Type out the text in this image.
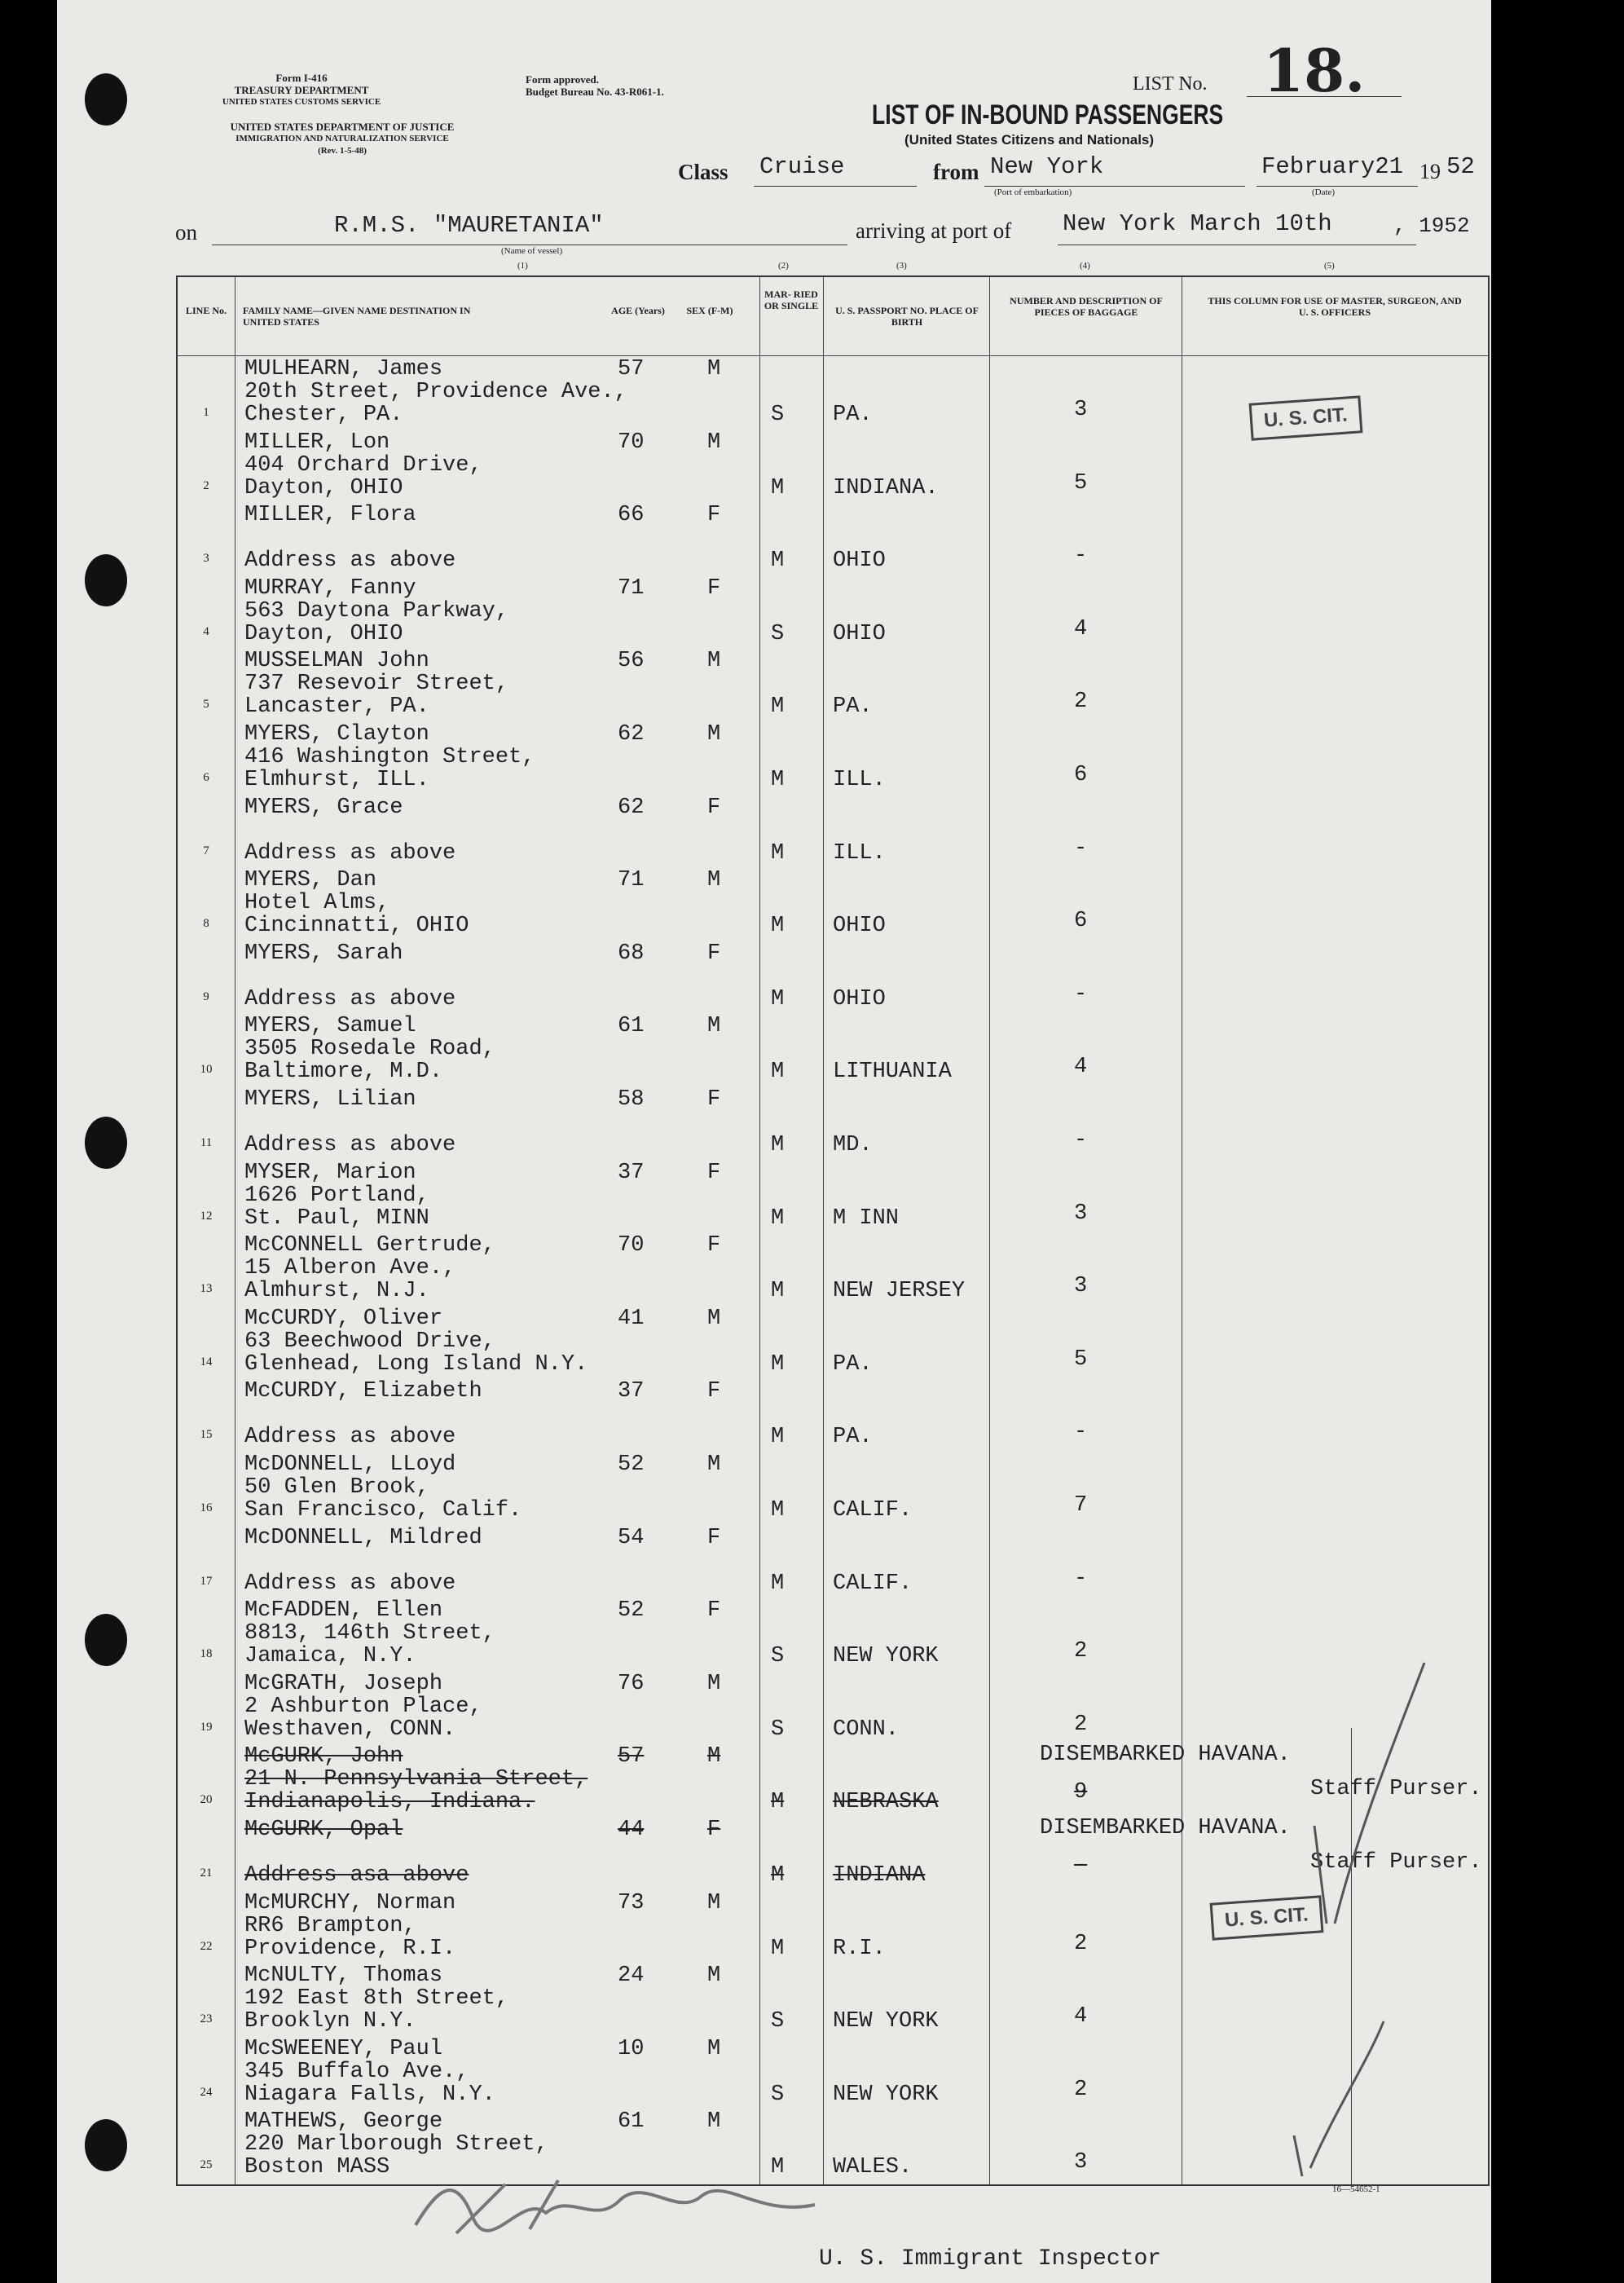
Form I-416
TREASURY DEPARTMENT
UNITED STATES CUSTOMS SERVICE
UNITED STATES DEPARTMENT OF JUSTICE
IMMIGRATION AND NATURALIZATION SERVICE
(Rev. 1-5-48)
Form approved.
Budget Bureau No. 43-R061-1.	LIST No. 18.
LIST OF IN-BOUND PASSENGERS
(United States Citizens and Nationals)
Class Cruise	from New York
(Port of embarkation)
February21
(Date)
19 52
on	R.M.S. "MAURETANIA"
(Name of vessel)
(1)
arriving at port of New York March 10th	, 1952
(2)	(3)	(4)	(5)
LINE No.	FAMILY NAME—GIVEN NAME DESTINATION IN UNITED STATES
AGE (Years)	SEX (F-M)
MAR- RIED OR SINGLE	U. S. PASSPORT NO. PLACE OF BIRTH
NUMBER AND DESCRIPTION OF PIECES OF BAGGAGE
THIS COLUMN FOR USE OF MASTER, SURGEON, AND U. S. OFFICERS
1
MULHEARN, James
20th Street, Providence Ave.,
Chester, PA.
57	M
S PA.	3
2
MILLER, Lon
404 Orchard Drive,
Dayton, OHIO
70	M
M INDIANA.	5
3
MILLER, Flora
Address as above
66	F
M OHIO	-
4
MURRAY, Fanny
563 Daytona Parkway,
Dayton, OHIO
71	F
S OHIO	4
5
MUSSELMAN John
737 Resevoir Street,
Lancaster, PA.
56	M
M PA.	2
6
MYERS, Clayton
416 Washington Street,
Elmhurst, ILL.
62	M
M ILL.	6
7
MYERS, Grace
Address as above
62	F
M ILL.	-
8
MYERS, Dan
Hotel Alms,
Cincinnatti, OHIO
71	M
M OHIO	6
9
MYERS, Sarah
Address as above
68	F
M OHIO	-
10
MYERS, Samuel
3505 Rosedale Road,
Baltimore, M.D.
61	M
M LITHUANIA	4
11
MYERS, Lilian
Address as above
58	F
M MD.	-
12
MYSER, Marion
1626 Portland,
St. Paul, MINN
37	F
M M INN	3
13
McCONNELL Gertrude,
15 Alberon Ave.,
Almhurst, N.J.
70	F
M NEW JERSEY	3
14
McCURDY, Oliver
63 Beechwood Drive,
Glenhead, Long Island N.Y.
41	M
M PA.	5
15
McCURDY, Elizabeth
Address as above
37	F
M PA.	-
16
McDONNELL, LLoyd
50 Glen Brook,
San Francisco, Calif.
52	M
M CALIF.	7
17
McDONNELL, Mildred
Address as above
54	F
M CALIF.	-
18
McFADDEN, Ellen
8813, 146th Street,
Jamaica, N.Y.
52	F
S NEW YORK	2
19
McGRATH, Joseph
2 Ashburton Place,
Westhaven, CONN.
76	M
S CONN.	2
20
McGURK, John
21 N. Pennsylvania Street,
Indianapolis, Indiana.
57	M
M NEBRASKA	9
DISEMBARKED HAVANA.
Staff Purser.
21
McGURK, Opal
Address asa above
44	F
M INDIANA	-
DISEMBARKED HAVANA.
Staff Purser.
22
McMURCHY, Norman
RR6 Brampton,
Providence, R.I.
73	M
M R.I.	2
23
McNULTY, Thomas
192 East 8th Street,
Brooklyn N.Y.
24	M
S NEW YORK	4
24
McSWEENEY, Paul
345 Buffalo Ave.,
Niagara Falls, N.Y.
10	M
S NEW YORK	2
25
MATHEWS, George
220 Marlborough Street,
Boston MASS
61	M
M WALES.	3
U. S. CIT.
U. S. CIT.
U. S. Immigrant Inspector
16—54652-1
